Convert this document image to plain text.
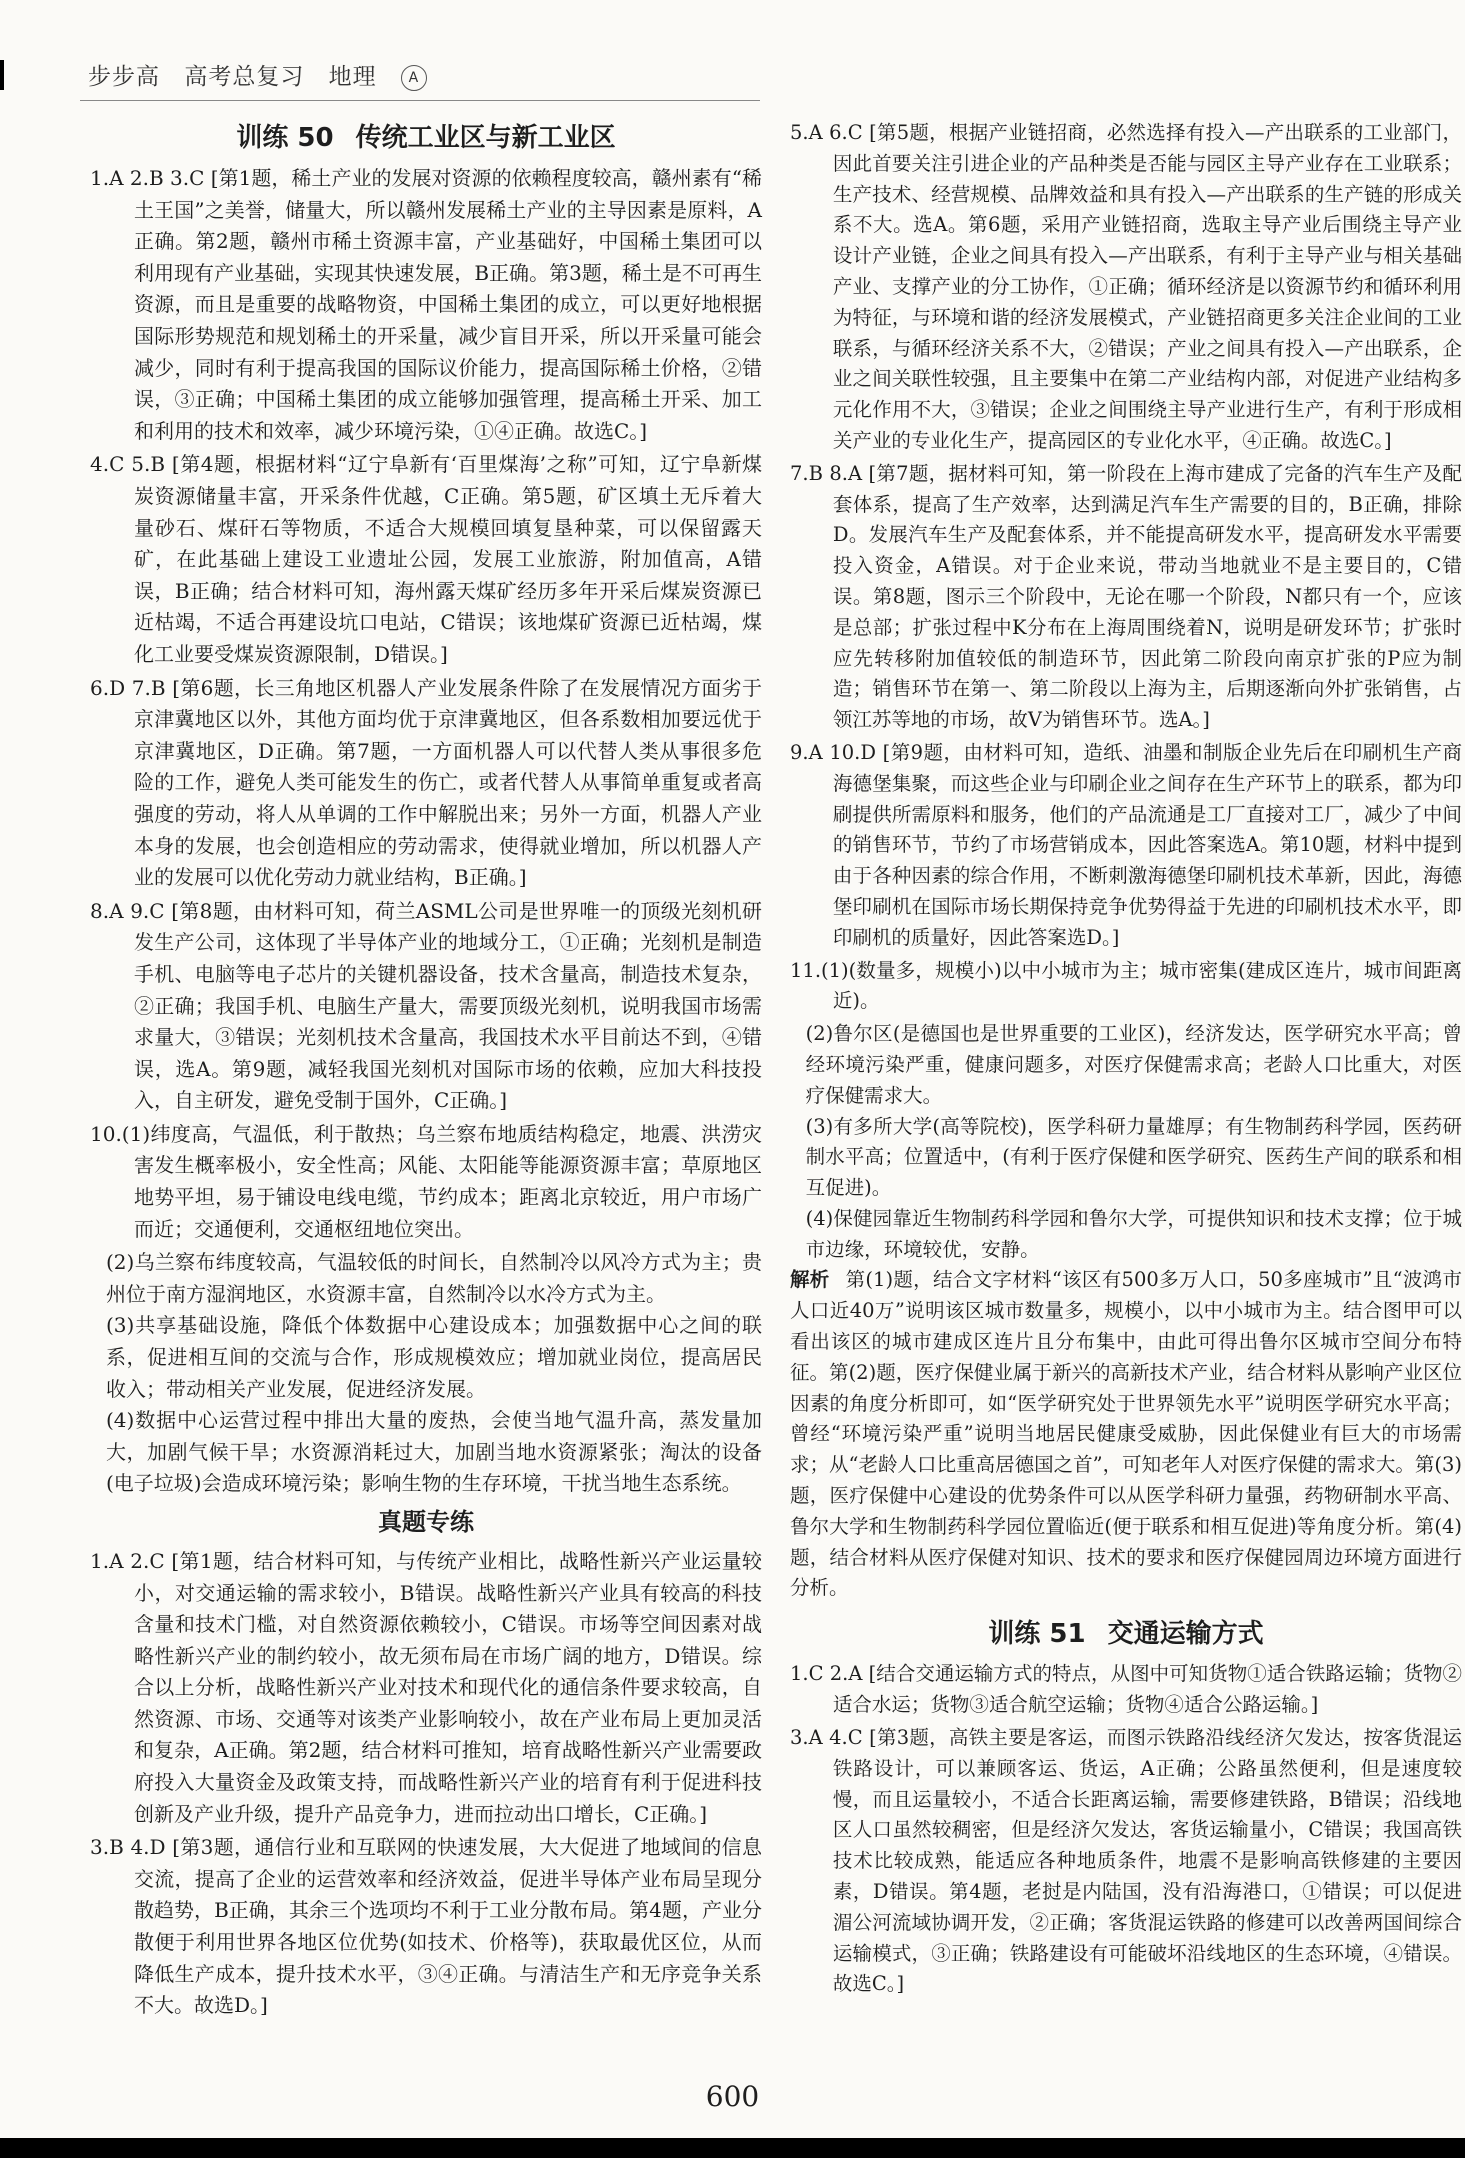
步步高 高考总复习 地理 A
训练 50 传统工业区与新工业区

1.A 2.B 3.C [第1题，稀土产业的发展对资源的依赖程度较高，赣州素有“稀土王国”之美誉，储量大，所以赣州发展稀土产业的主导因素是原料，A正确。第2题，赣州市稀土资源丰富，产业基础好，中国稀土集团可以利用现有产业基础，实现其快速发展，B正确。第3题，稀土是不可再生资源，而且是重要的战略物资，中国稀土集团的成立，可以更好地根据国际形势规范和规划稀土的开采量，减少盲目开采，所以开采量可能会减少，同时有利于提高我国的国际议价能力，提高国际稀土价格，②错误，③正确；中国稀土集团的成立能够加强管理，提高稀土开采、加工和利用的技术和效率，减少环境污染，①④正确。故选C。]

4.C 5.B [第4题，根据材料“辽宁阜新有‘百里煤海’之称”可知，辽宁阜新煤炭资源储量丰富，开采条件优越，C正确。第5题，矿区填土无斥着大量砂石、煤矸石等物质，不适合大规模回填复垦种菜，可以保留露天矿，在此基础上建设工业遗址公园，发展工业旅游，附加值高，A错误，B正确；结合材料可知，海州露天煤矿经历多年开采后煤炭资源已近枯竭，不适合再建设坑口电站，C错误；该地煤矿资源已近枯竭，煤化工业要受煤炭资源限制，D错误。]

6.D 7.B [第6题，长三角地区机器人产业发展条件除了在发展情况方面劣于京津冀地区以外，其他方面均优于京津冀地区，但各系数相加要远优于京津冀地区，D正确。第7题，一方面机器人可以代替人类从事很多危险的工作，避免人类可能发生的伤亡，或者代替人从事简单重复或者高强度的劳动，将人从单调的工作中解脱出来；另外一方面，机器人产业本身的发展，也会创造相应的劳动需求，使得就业增加，所以机器人产业的发展可以优化劳动力就业结构，B正确。]

8.A 9.C [第8题，由材料可知，荷兰ASML公司是世界唯一的顶级光刻机研发生产公司，这体现了半导体产业的地域分工，①正确；光刻机是制造手机、电脑等电子芯片的关键机器设备，技术含量高，制造技术复杂，②正确；我国手机、电脑生产量大，需要顶级光刻机，说明我国市场需求量大，③错误；光刻机技术含量高，我国技术水平目前达不到，④错误，选A。第9题，减轻我国光刻机对国际市场的依赖，应加大科技投入，自主研发，避免受制于国外，C正确。]

10.(1)纬度高，气温低，利于散热；乌兰察布地质结构稳定，地震、洪涝灾害发生概率极小，安全性高；风能、太阳能等能源资源丰富；草原地区地势平坦，易于铺设电线电缆，节约成本；距离北京较近，用户市场广而近；交通便利，交通枢纽地位突出。

(2)乌兰察布纬度较高，气温较低的时间长，自然制冷以风冷方式为主；贵州位于南方湿润地区，水资源丰富，自然制冷以水冷方式为主。

(3)共享基础设施，降低个体数据中心建设成本；加强数据中心之间的联系，促进相互间的交流与合作，形成规模效应；增加就业岗位，提高居民收入；带动相关产业发展，促进经济发展。

(4)数据中心运营过程中排出大量的废热，会使当地气温升高，蒸发量加大，加剧气候干旱；水资源消耗过大，加剧当地水资源紧张；淘汰的设备(电子垃圾)会造成环境污染；影响生物的生存环境，干扰当地生态系统。

真题专练

1.A 2.C [第1题，结合材料可知，与传统产业相比，战略性新兴产业运量较小，对交通运输的需求较小，B错误。战略性新兴产业具有较高的科技含量和技术门槛，对自然资源依赖较小，C错误。市场等空间因素对战略性新兴产业的制约较小，故无须布局在市场广阔的地方，D错误。综合以上分析，战略性新兴产业对技术和现代化的通信条件要求较高，自然资源、市场、交通等对该类产业影响较小，故在产业布局上更加灵活和复杂，A正确。第2题，结合材料可推知，培育战略性新兴产业需要政府投入大量资金及政策支持，而战略性新兴产业的培育有利于促进科技创新及产业升级，提升产品竞争力，进而拉动出口增长，C正确。]

3.B 4.D [第3题，通信行业和互联网的快速发展，大大促进了地域间的信息交流，提高了企业的运营效率和经济效益，促进半导体产业布局呈现分散趋势，B正确，其余三个选项均不利于工业分散布局。第4题，产业分散便于利用世界各地区位优势(如技术、价格等)，获取最优区位，从而降低生产成本，提升技术水平，③④正确。与清洁生产和无序竞争关系不大。故选D。]

5.A 6.C [第5题，根据产业链招商，必然选择有投入—产出联系的工业部门，因此首要关注引进企业的产品种类是否能与园区主导产业存在工业联系；生产技术、经营规模、品牌效益和具有投入—产出联系的生产链的形成关系不大。选A。第6题，采用产业链招商，选取主导产业后围绕主导产业设计产业链，企业之间具有投入—产出联系，有利于主导产业与相关基础产业、支撑产业的分工协作，①正确；循环经济是以资源节约和循环利用为特征，与环境和谐的经济发展模式，产业链招商更多关注企业间的工业联系，与循环经济关系不大，②错误；产业之间具有投入—产出联系，企业之间关联性较强，且主要集中在第二产业结构内部，对促进产业结构多元化作用不大，③错误；企业之间围绕主导产业进行生产，有利于形成相关产业的专业化生产，提高园区的专业化水平，④正确。故选C。]

7.B 8.A [第7题，据材料可知，第一阶段在上海市建成了完备的汽车生产及配套体系，提高了生产效率，达到满足汽车生产需要的目的，B正确，排除D。发展汽车生产及配套体系，并不能提高研发水平，提高研发水平需要投入资金，A错误。对于企业来说，带动当地就业不是主要目的，C错误。第8题，图示三个阶段中，无论在哪一个阶段，N都只有一个，应该是总部；扩张过程中K分布在上海周围绕着N，说明是研发环节；扩张时应先转移附加值较低的制造环节，因此第二阶段向南京扩张的P应为制造；销售环节在第一、第二阶段以上海为主，后期逐渐向外扩张销售，占领江苏等地的市场，故V为销售环节。选A。]

9.A 10.D [第9题，由材料可知，造纸、油墨和制版企业先后在印刷机生产商海德堡集聚，而这些企业与印刷企业之间存在生产环节上的联系，都为印刷提供所需原料和服务，他们的产品流通是工厂直接对工厂，减少了中间的销售环节，节约了市场营销成本，因此答案选A。第10题，材料中提到由于各种因素的综合作用，不断刺激海德堡印刷机技术革新，因此，海德堡印刷机在国际市场长期保持竞争优势得益于先进的印刷机技术水平，即印刷机的质量好，因此答案选D。]

11.(1)(数量多，规模小)以中小城市为主；城市密集(建成区连片，城市间距离近)。

(2)鲁尔区(是德国也是世界重要的工业区)，经济发达，医学研究水平高；曾经环境污染严重，健康问题多，对医疗保健需求高；老龄人口比重大，对医疗保健需求大。

(3)有多所大学(高等院校)，医学科研力量雄厚；有生物制药科学园，医药研制水平高；位置适中，(有利于医疗保健和医学研究、医药生产间的联系和相互促进)。

(4)保健园靠近生物制药科学园和鲁尔大学，可提供知识和技术支撑；位于城市边缘，环境较优，安静。

解析 第(1)题，结合文字材料“该区有500多万人口，50多座城市”且“波鸿市人口近40万”说明该区城市数量多，规模小，以中小城市为主。结合图甲可以看出该区的城市建成区连片且分布集中，由此可得出鲁尔区城市空间分布特征。第(2)题，医疗保健业属于新兴的高新技术产业，结合材料从影响产业区位因素的角度分析即可，如“医学研究处于世界领先水平”说明医学研究水平高；曾经“环境污染严重”说明当地居民健康受威胁，因此保健业有巨大的市场需求；从“老龄人口比重高居德国之首”，可知老年人对医疗保健的需求大。第(3)题，医疗保健中心建设的优势条件可以从医学科研力量强，药物研制水平高、鲁尔大学和生物制药科学园位置临近(便于联系和相互促进)等角度分析。第(4)题，结合材料从医疗保健对知识、技术的要求和医疗保健园周边环境方面进行分析。

训练 51 交通运输方式

1.C 2.A [结合交通运输方式的特点，从图中可知货物①适合铁路运输；货物②适合水运；货物③适合航空运输；货物④适合公路运输。]

3.A 4.C [第3题，高铁主要是客运，而图示铁路沿线经济欠发达，按客货混运铁路设计，可以兼顾客运、货运，A正确；公路虽然便利，但是速度较慢，而且运量较小，不适合长距离运输，需要修建铁路，B错误；沿线地区人口虽然较稠密，但是经济欠发达，客货运输量小，C错误；我国高铁技术比较成熟，能适应各种地质条件，地震不是影响高铁修建的主要因素，D错误。第4题，老挝是内陆国，没有沿海港口，①错误；可以促进湄公河流域协调开发，②正确；客货混运铁路的修建可以改善两国间综合运输模式，③正确；铁路建设有可能破坏沿线地区的生态环境，④错误。故选C。]

600
